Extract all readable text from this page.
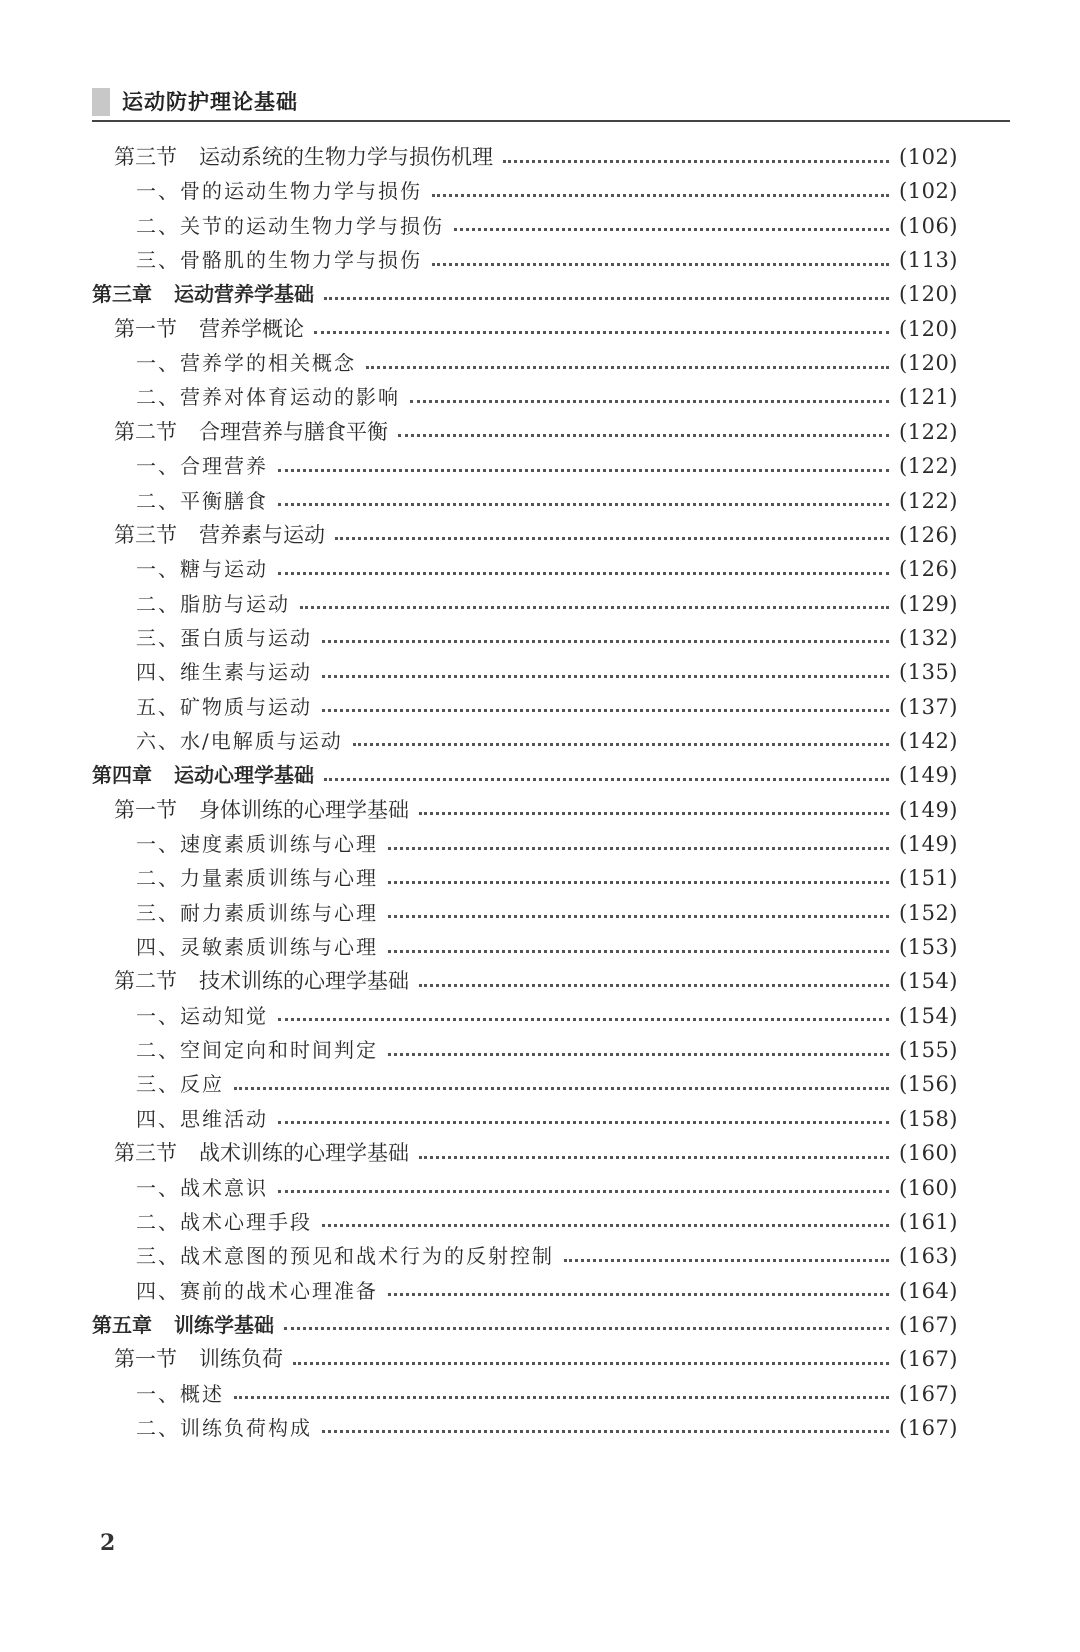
运动防护理论基础
第三节 运动系统的生物力学与损伤机理	(102)
一、骨的运动生物力学与损伤	(102)
二、关节的运动生物力学与损伤	(106)
三、骨骼肌的生物力学与损伤	(113)
第三章 运动营养学基础	(120)
第一节 营养学概论	(120)
一、营养学的相关概念	(120)
二、营养对体育运动的影响	(121)
第二节 合理营养与膳食平衡	(122)
一、合理营养	(122)
二、平衡膳食	(122)
第三节 营养素与运动	(126)
一、糖与运动	(126)
二、脂肪与运动	(129)
三、蛋白质与运动	(132)
四、维生素与运动	(135)
五、矿物质与运动	(137)
六、水/电解质与运动	(142)
第四章 运动心理学基础	(149)
第一节 身体训练的心理学基础	(149)
一、速度素质训练与心理	(149)
二、力量素质训练与心理	(151)
三、耐力素质训练与心理	(152)
四、灵敏素质训练与心理	(153)
第二节 技术训练的心理学基础	(154)
一、运动知觉	(154)
二、空间定向和时间判定	(155)
三、反应	(156)
四、思维活动	(158)
第三节 战术训练的心理学基础	(160)
一、战术意识	(160)
二、战术心理手段	(161)
三、战术意图的预见和战术行为的反射控制	(163)
四、赛前的战术心理准备	(164)
第五章 训练学基础	(167)
第一节 训练负荷	(167)
一、概述	(167)
二、训练负荷构成	(167)
2
